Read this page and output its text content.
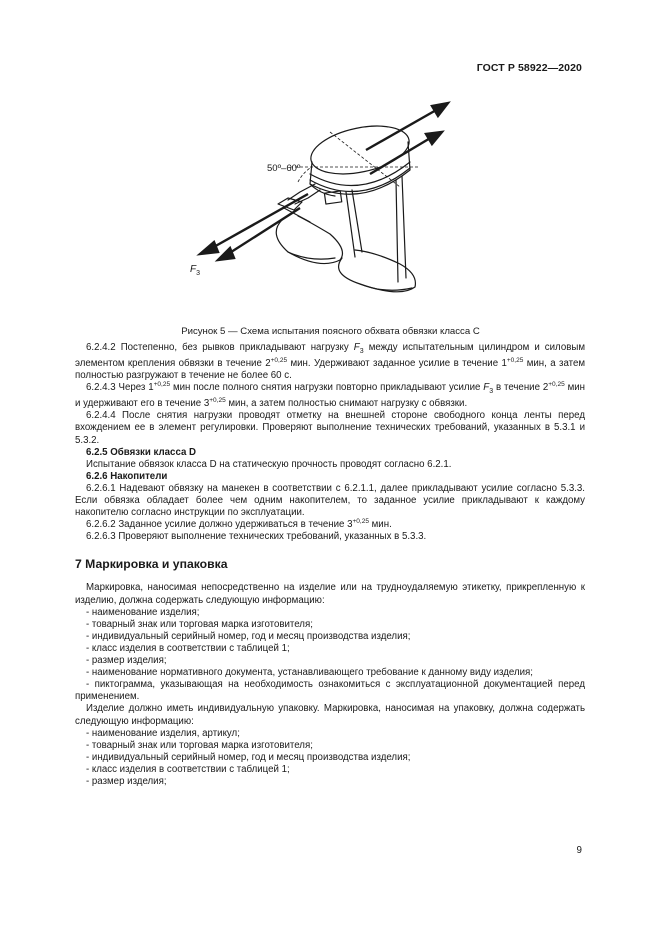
ГОСТ Р 58922—2020
50º–60º
$F_3$
Рисунок 5 — Схема испытания поясного обхвата обвязки класса С

6.2.4.2 Постепенно, без рывков прикладывают нагрузку $F_3$ между испытательным цилиндром и силовым элементом крепления обвязки в течение $2^{+0,25}$ мин. Удерживают заданное усилие в течение $1^{+0,25}$ мин, а затем полностью разгружают в течение не более 60 с.

6.2.4.3 Через $1^{+0,25}$ мин после полного снятия нагрузки повторно прикладывают усилие $F_3$ в течение $2^{+0,25}$ мин и удерживают его в течение $3^{+0,25}$ мин, а затем полностью снимают нагрузку с обвязки.

6.2.4.4 После снятия нагрузки проводят отметку на внешней стороне свободного конца ленты перед вхождением ее в элемент регулировки. Проверяют выполнение технических требований, указанных в 5.3.1 и 5.3.2.

6.2.5 Обвязки класса D

Испытание обвязок класса D на статическую прочность проводят согласно 6.2.1.

6.2.6 Накопители

6.2.6.1 Надевают обвязку на манекен в соответствии с 6.2.1.1, далее прикладывают усилие согласно 5.3.3. Если обвязка обладает более чем одним накопителем, то заданное усилие прикладывают к каждому накопителю согласно инструкции по эксплуатации.

6.2.6.2 Заданное усилие должно удерживаться в течение $3^{+0,25}$ мин.

6.2.6.3 Проверяют выполнение технических требований, указанных в 5.3.3.

7 Маркировка и упаковка

Маркировка, наносимая непосредственно на изделие или на трудноудаляемую этикетку, прикрепленную к изделию, должна содержать следующую информацию:

- наименование изделия;

- товарный знак или торговая марка изготовителя;

- индивидуальный серийный номер, год и месяц производства изделия;

- класс изделия в соответствии с таблицей 1;

- размер изделия;

- наименование нормативного документа, устанавливающего требование к данному виду изделия;

- пиктограмма, указывающая на необходимость ознакомиться с эксплуатационной документацией перед применением.

Изделие должно иметь индивидуальную упаковку. Маркировка, наносимая на упаковку, должна содержать следующую информацию:

- наименование изделия, артикул;

- товарный знак или торговая марка изготовителя;

- индивидуальный серийный номер, год и месяц производства изделия;

- класс изделия в соответствии с таблицей 1;

- размер изделия;

9
